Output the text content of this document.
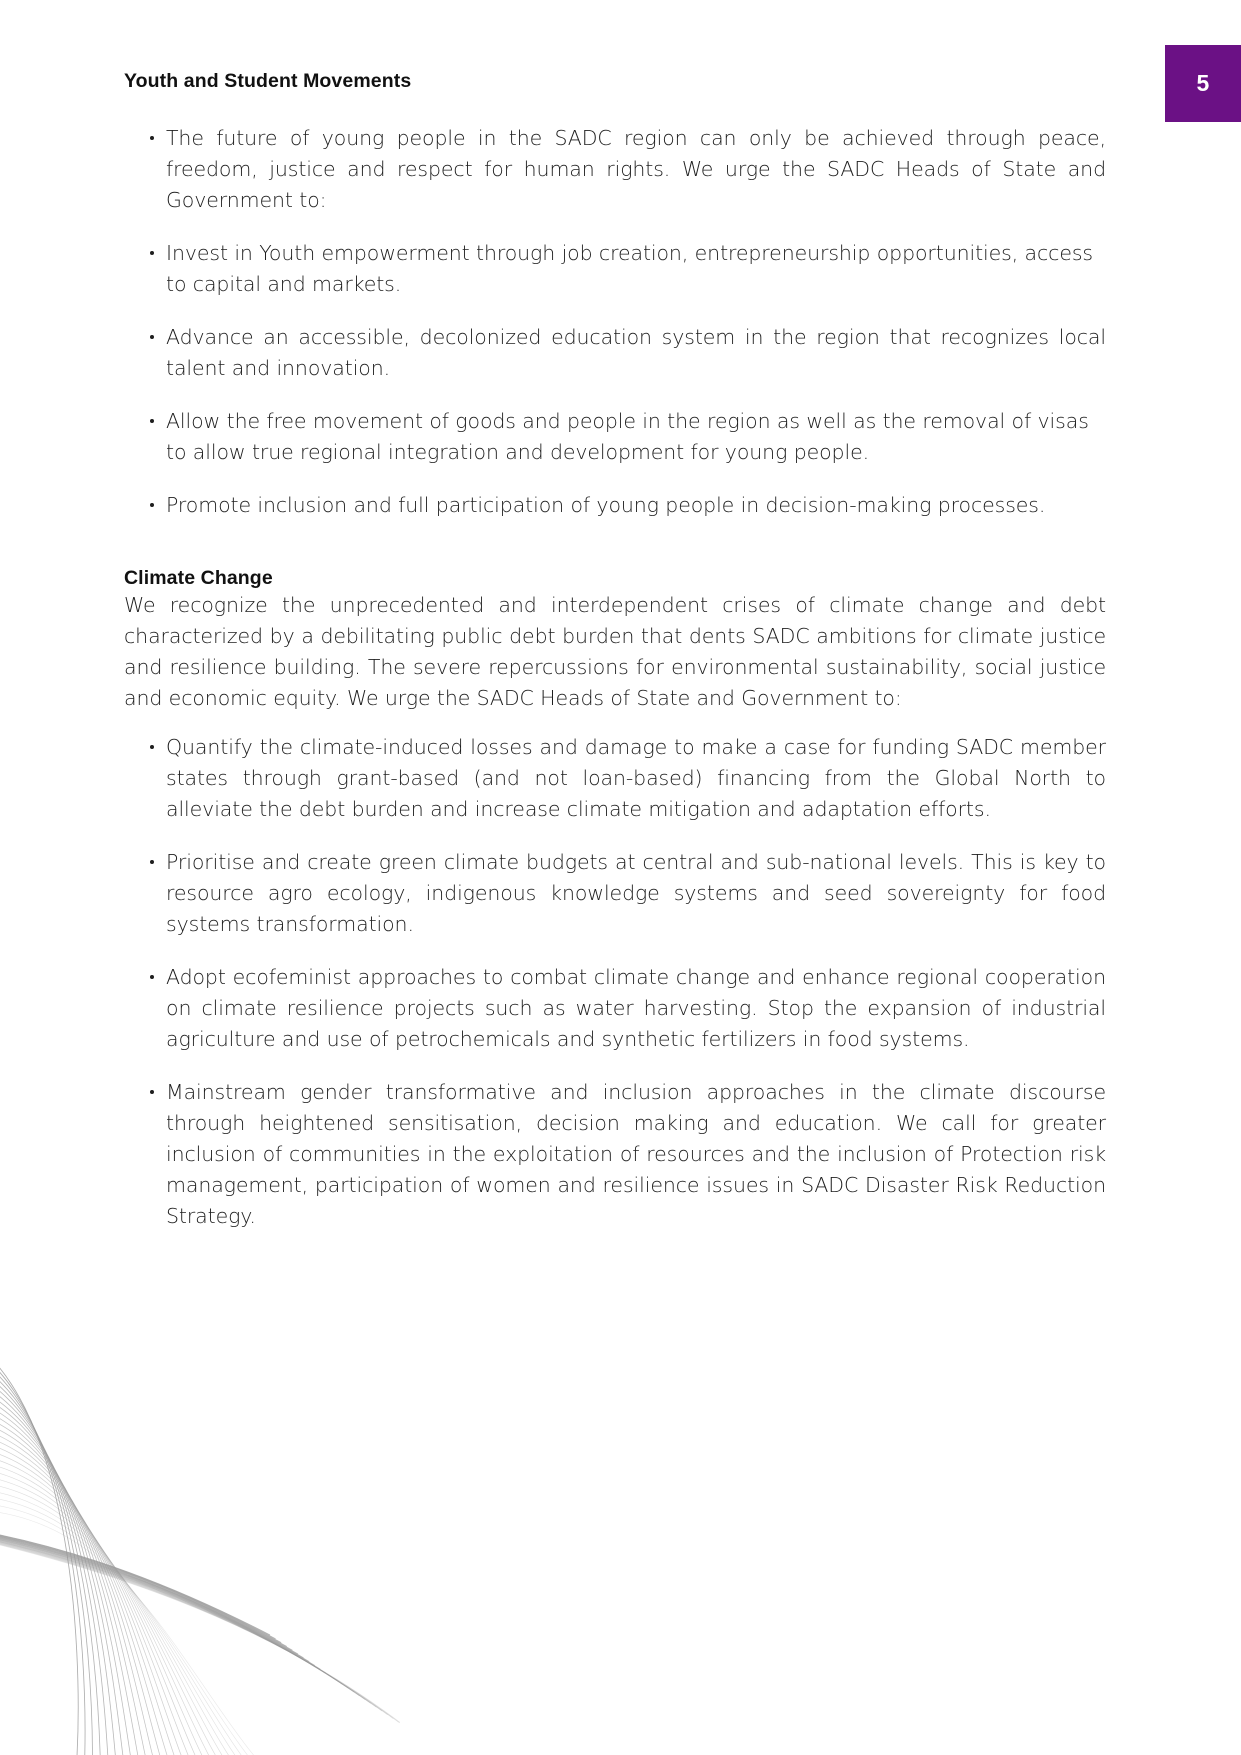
5
Youth and Student Movements
The future of young people in the SADC region can only be achieved through peace, freedom, justice and respect for human rights. We urge the SADC Heads of State and Government to:
Invest in Youth empowerment through job creation, entrepreneurship opportunities, access to capital and markets.
Advance an accessible, decolonized education system in the region that recognizes local talent and innovation.
Allow the free movement of goods and people in the region as well as the removal of visas to allow true regional integration and development for young people.
Promote inclusion and full participation of young people in decision-making processes.
Climate Change

We recognize the unprecedented and interdependent crises of climate change and debt characterized by a debilitating public debt burden that dents SADC ambitions for climate justice and resilience building. The severe repercussions for environmental sustainability, social justice and economic equity. We urge the SADC Heads of State and Government to:

Quantify the climate-induced losses and damage to make a case for funding SADC member states through grant-based (and not loan-based) financing from the Global North to alleviate the debt burden and increase climate mitigation and adaptation efforts.
Prioritise and create green climate budgets at central and sub-national levels. This is key to resource agro ecology, indigenous knowledge systems and seed sovereignty for food systems transformation.
Adopt ecofeminist approaches to combat climate change and enhance regional cooperation on climate resilience projects such as water harvesting. Stop the expansion of industrial agriculture and use of petrochemicals and synthetic fertilizers in food systems.
Mainstream gender transformative and inclusion approaches in the climate discourse through heightened sensitisation, decision making and education. We call for greater inclusion of communities in the exploitation of resources and the inclusion of Protection risk management, participation of women and resilience issues in SADC Disaster Risk Reduction Strategy.
